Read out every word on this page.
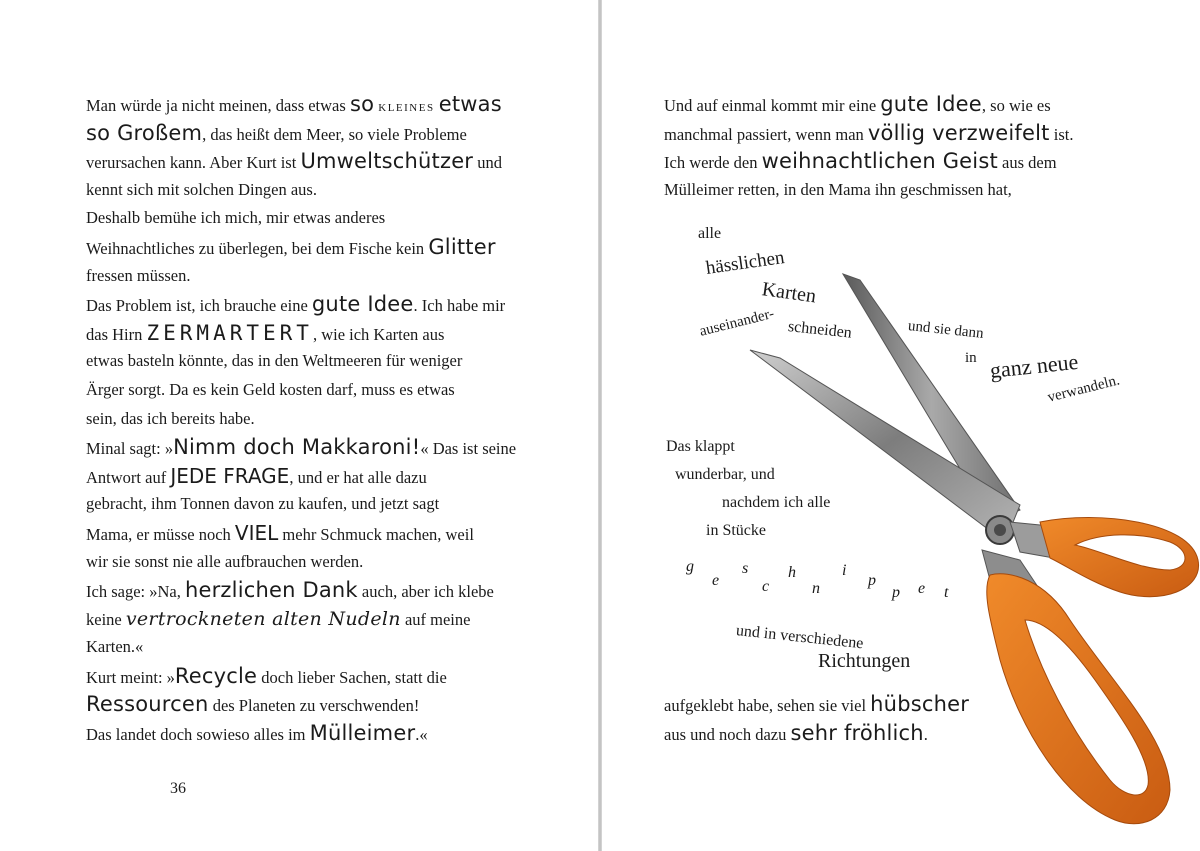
Man würde ja nicht meinen, dass etwas so KLEINES etwas
so Großem, das heißt dem Meer, so viele Probleme
verursachen kann. Aber Kurt ist Umweltschützer und
kennt sich mit solchen Dingen aus.
Deshalb bemühe ich mich, mir etwas anderes
Weihnachtliches zu überlegen, bei dem Fische kein Glitter
fressen müssen.
Das Problem ist, ich brauche eine gute Idee. Ich habe mir
das Hirn ZERMARTERT, wie ich Karten aus
etwas basteln könnte, das in den Weltmeeren für weniger
Ärger sorgt. Da es kein Geld kosten darf, muss es etwas
sein, das ich bereits habe.
Minal sagt: »Nimm doch Makkaroni!« Das ist seine
Antwort auf JEDE FRAGE, und er hat alle dazu
gebracht, ihm Tonnen davon zu kaufen, und jetzt sagt
Mama, er müsse noch VIEL mehr Schmuck machen, weil
wir sie sonst nie alle aufbrauchen werden.
Ich sage: »Na, herzlichen Dank auch, aber ich klebe
keine vertrockneten alten Nudeln auf meine
Karten.«
Kurt meint: »Recycle doch lieber Sachen, statt die
Ressourcen des Planeten zu verschwenden!
Das landet doch sowieso alles im Mülleimer.«
36
Und auf einmal kommt mir eine gute Idee, so wie es
manchmal passiert, wenn man völlig verzweifelt ist.
Ich werde den weihnachtlichen Geist aus dem
Mülleimer retten, in den Mama ihn geschmissen hat,
alle
hässlichen
Karten
auseinander- schneiden	und sie dann
in ganz neue
verwandeln.
Das klappt
wunderbar, und
nachdem ich alle
in Stücke
g
e
s
c
h
n
i
p
p e t
und in verschiedene
Richtungen
aufgeklebt habe, sehen sie viel hübscher
aus und noch dazu sehr fröhlich.
